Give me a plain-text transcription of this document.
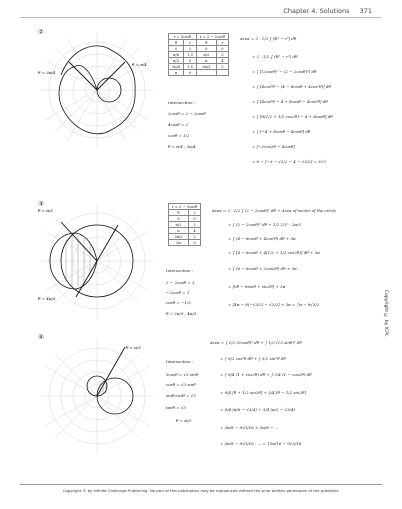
Chapter 4. Solutions 371
②
θ = 3π/4
θ = π/4
r = 2cosθ		r = 2 − 2cosθ	
θ	r	θ	r
0	2	0	0
π/6	1.5	π/2	2
π/2	0	π	4
5π/6	1.5	3π/2	2
π	0		
Intersection :
2cosθ = 2 − 2cosθ
4cosθ = 2
cosθ = 1/2
θ = π/4 , 3π/4
Area = 2 · 1/2 ∫ [R² − r²] dθ
= 2 · 1/2 ∫ (R² − r²) dθ
= ∫ [(2cosθ)² − (2 − 2cosθ)²] dθ
= ∫ [4cos²θ − (4 − 8cosθ + 4cos²θ)] dθ
= ∫ [4cos²θ − 4 + 8cosθ − 4cos²θ] dθ
= ∫ [8(1/2 + 1/2 cos2θ) − 4 + 8cosθ] dθ
= ∫ [−4 + 8cosθ − 4cosθ] dθ
= [−2cos2θ − 4cosθ]
= 6 − [−3 − √3/2 − 4 − √3/2] = 3√3
③
θ = π/3
θ = 4π/3
r = 2 − 2cosθ	
θ	r
0	0
π/2	2
π	4
3π/2	2
2π	0
Intersection :
2 − 2cosθ = 3
−2cosθ = 1
cosθ = −1/2
θ = 2π/3 , 4π/3
Area = 2 · 1/2 ∫ (2 − 2cosθ)² dθ + Area of sector of the circle
= ∫ (2 − 2cosθ)² dθ + 1/2 (2)² · 2π/3
= ∫ (4 − 8cosθ + 4cos²θ) dθ + 3π
= ∫ [4 − 8cosθ + 4(1/2 + 1/2 cos2θ)] dθ + 3π
= ∫ (6 − 8cosθ + 2cos2θ) dθ + 3π
= [6θ − 8sinθ + sin2θ] + 3π
= [4π − 8(−√3/2) − √3/2] + 3π = 7π − 9√3/2
④
θ = π/3
Intersection :
3cosθ = √3 sinθ
cosθ = √3 sinθ
sinθ/cosθ = √3
tanθ = √3
θ = π/3
Area = ∫ 1/2 (3cosθ)² dθ + ∫ 1/2 (√3 sinθ)² dθ
= ∫ 9/2 cos²θ dθ + ∫ 3/2 sin²θ dθ
= ∫ 9/4 (1 + cos2θ) dθ + ∫ 3/4 (1 − cos2θ) dθ
= 9/4 [θ + 1/2 sin2θ] + 3/4 [θ − 1/2 sin2θ]
= 9/4 (π/6 − √3/4) + 3/4 (π/2 − √3/4)
= 3π/8 − 9√3/16 + 3π/8 − ...
= 5π/8 − 9√3/16 · ... = 15π/16 − 9√3/16
Copyright © by ICPL
Copyright © by Infinite Challenge Publishing. No part of this publication may be reproduced without the prior written permission of the publisher.
